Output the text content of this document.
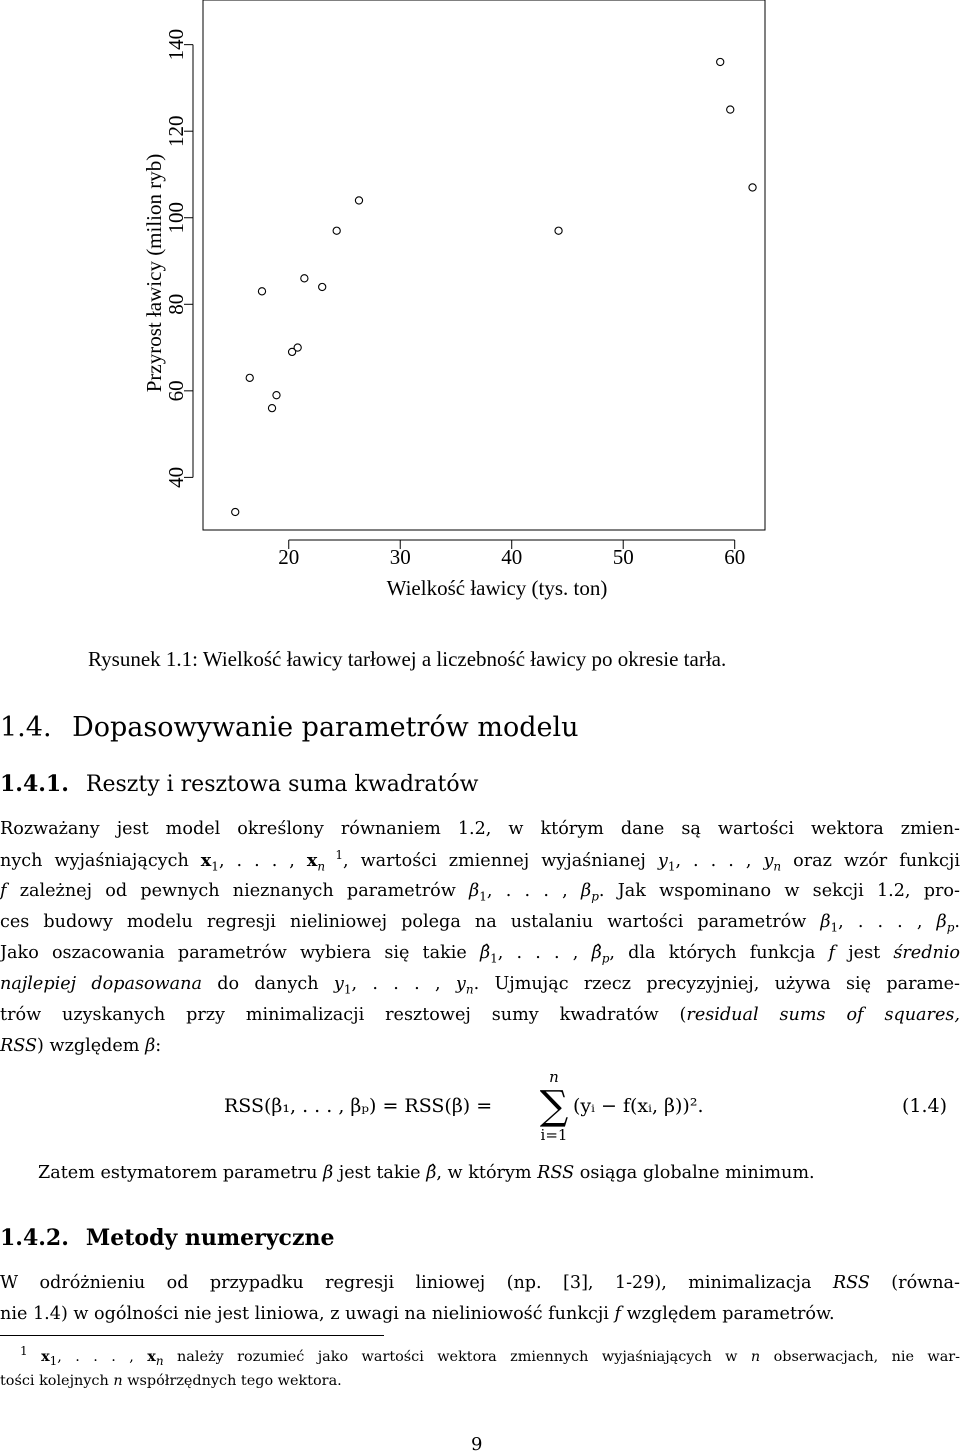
20	30	40	50	60
40
60
80
100
120
140
Wielkość ławicy (tys. ton)
Przyrost ławicy (milion ryb)
Rysunek 1.1: Wielkość ławicy tarłowej a liczebność ławicy po okresie tarła.
1.4. Dopasowywanie parametrów modelu
1.4.1. Reszty i resztowa suma kwadratów
Rozważany jest model określony równaniem 1.2, w którym dane są wartości wektora zmien-
nych wyjaśniających $x_1$, . . . , $x_n$ $^1$, wartości zmiennej wyjaśnianej $y_1$, . . . , $y_n$ oraz wzór funkcji
f zależnej od pewnych nieznanych parametrów $\beta_1$, . . . , $\beta_p$. Jak wspominano w sekcji 1.2, pro-
ces budowy modelu regresji nieliniowej polega na ustalaniu wartości parametrów $\beta_1$, . . . , $\beta_p$.
Jako oszacowania parametrów wybiera się takie $\betâ_1$, . . . , $\betâ_p$, dla których funkcja f jest średnio
najlepiej dopasowana do danych $y_1$, . . . , $y_n$. Ujmując rzecz precyzyjniej, używa się parame-
trów uzyskanych przy minimalizacji resztowej sumy kwadratów (residual sums of squares,
RSS) względem β:
RSS(β₁, . . . , βₚ) = RSS(β) =
n
∑
i=1
(yᵢ − f(xᵢ, β))².	(1.4)
Zatem estymatorem parametru β jest takie β̂, w którym RSS osiąga globalne minimum.
1.4.2. Metody numeryczne
W odróżnieniu od przypadku regresji liniowej (np. [3], 1-29), minimalizacja RSS (równa-
nie 1.4) w ogólności nie jest liniowa, z uwagi na nieliniowość funkcji f względem parametrów.
$^1$ $x_1$, . . . , $x_n$ należy rozumieć jako wartości wektora zmiennych wyjaśniających w n obserwacjach, nie war-
tości kolejnych n współrzędnych tego wektora.
9
